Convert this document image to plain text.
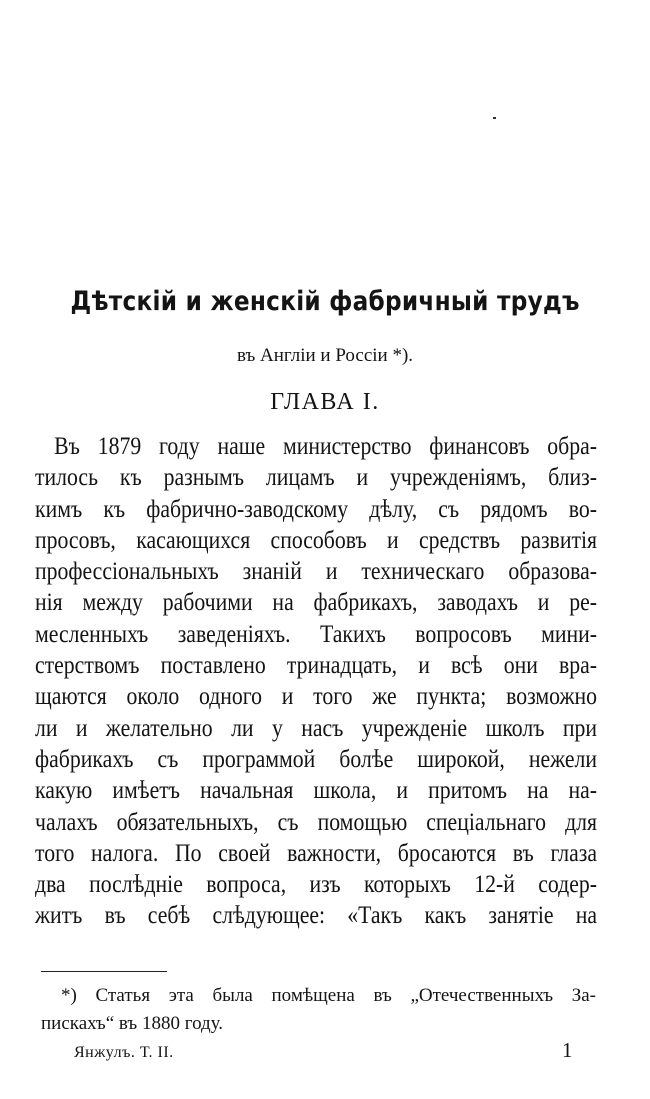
Дѣтскій и женскій фабричный трудъ
въ Англіи и Россіи *).
ГЛАВА I.
Въ 1879 году наше министерство финансовъ обра-
тилось къ разнымъ лицамъ и учрежденіямъ, близ-
кимъ къ фабрично-заводскому дѣлу, съ рядомъ во-
просовъ, касающихся способовъ и средствъ развитія
профессіональныхъ знаній и техническаго образова-
нія между рабочими на фабрикахъ, заводахъ и ре-
месленныхъ заведеніяхъ. Такихъ вопросовъ мини-
стерствомъ поставлено тринадцать, и всѣ они вра-
щаются около одного и того же пункта; возможно
ли и желательно ли у насъ учрежденіе школъ при
фабрикахъ съ программой болѣе широкой, нежели
какую имѣетъ начальная школа, и притомъ на на-
чалахъ обязательныхъ, съ помощью спеціальнаго для
того налога. По своей важности, бросаются въ глаза
два послѣдніе вопроса, изъ которыхъ 12-й содер-
житъ въ себѣ слѣдующее: «Такъ какъ занятіе на
*) Статья эта была помѣщена въ „Отечественныхъ За-
пискахъ“ въ 1880 году.
Янжулъ. Т. II.	1
